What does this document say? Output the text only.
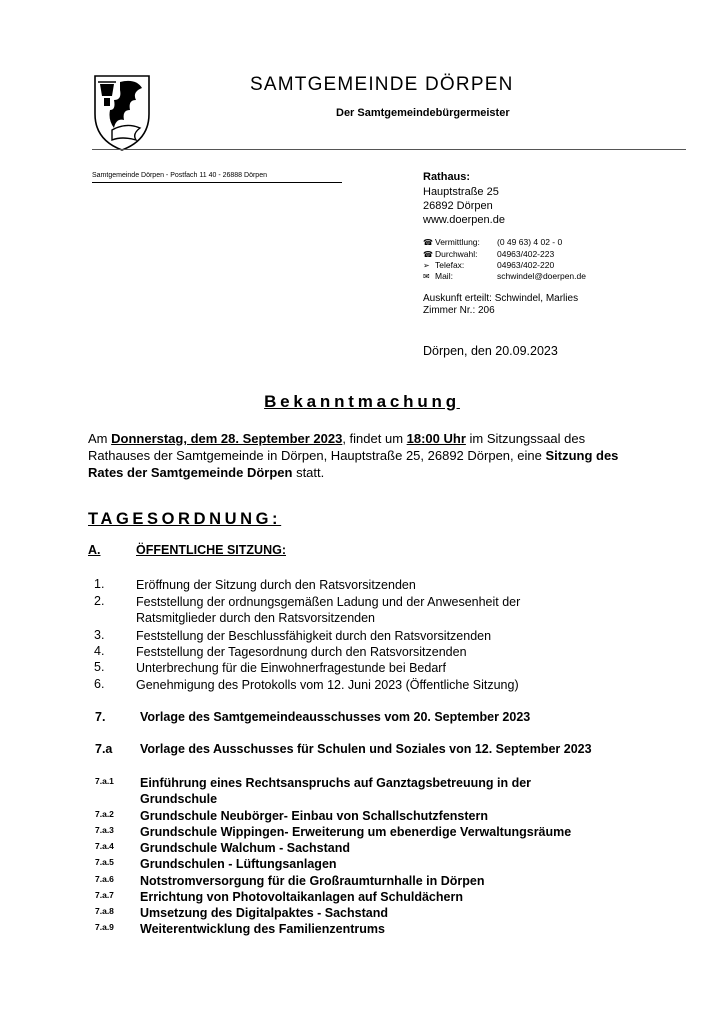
SAMTGEMEINDE DÖRPEN
Der Samtgemeindebürgermeister
Samtgemeinde Dörpen - Postfach 11 40 - 26888 Dörpen	Rathaus:
Hauptstraße 25
26892 Dörpen
www.doerpen.de
☎ Vermittlung: (0 49 63) 4 02 - 0
☎ Durchwahl: 04963/402-223
➢ Telefax:	04963/402-220
✉ Mail:	schwindel@doerpen.de
Auskunft erteilt: Schwindel, Marlies
Zimmer Nr.: 206
Dörpen, den 20.09.2023
Bekanntmachung
Am Donnerstag, dem 28. September 2023, findet um 18:00 Uhr im Sitzungssaal des Rathauses der Samtgemeinde in Dörpen, Hauptstraße 25, 26892 Dörpen, eine Sitzung des Rates der Samtgemeinde Dörpen statt.
TAGESORDNUNG:
A.	ÖFFENTLICHE SITZUNG:
1.	Eröffnung der Sitzung durch den Ratsvorsitzenden
2.	Feststellung der ordnungsgemäßen Ladung und der Anwesenheit der Ratsmitglieder durch den Ratsvorsitzenden
3.	Feststellung der Beschlussfähigkeit durch den Ratsvorsitzenden
4.	Feststellung der Tagesordnung durch den Ratsvorsitzenden
5.	Unterbrechung für die Einwohnerfragestunde bei Bedarf
6.	Genehmigung des Protokolls vom 12. Juni 2023 (Öffentliche Sitzung)
7.	Vorlage des Samtgemeindeausschusses vom 20. September 2023
7.a Vorlage des Ausschusses für Schulen und Soziales von 12. September 2023
7.a.1 Einführung eines Rechtsanspruchs auf Ganztagsbetreuung in der Grundschule
7.a.2 Grundschule Neubörger- Einbau von Schallschutzfenstern
7.a.3 Grundschule Wippingen- Erweiterung um ebenerdige Verwaltungsräume
7.a.4 Grundschule Walchum - Sachstand
7.a.5 Grundschulen - Lüftungsanlagen
7.a.6 Notstromversorgung für die Großraumturnhalle in Dörpen
7.a.7 Errichtung von Photovoltaikanlagen auf Schuldächern
7.a.8 Umsetzung des Digitalpaktes - Sachstand
7.a.9 Weiterentwicklung des Familienzentrums
